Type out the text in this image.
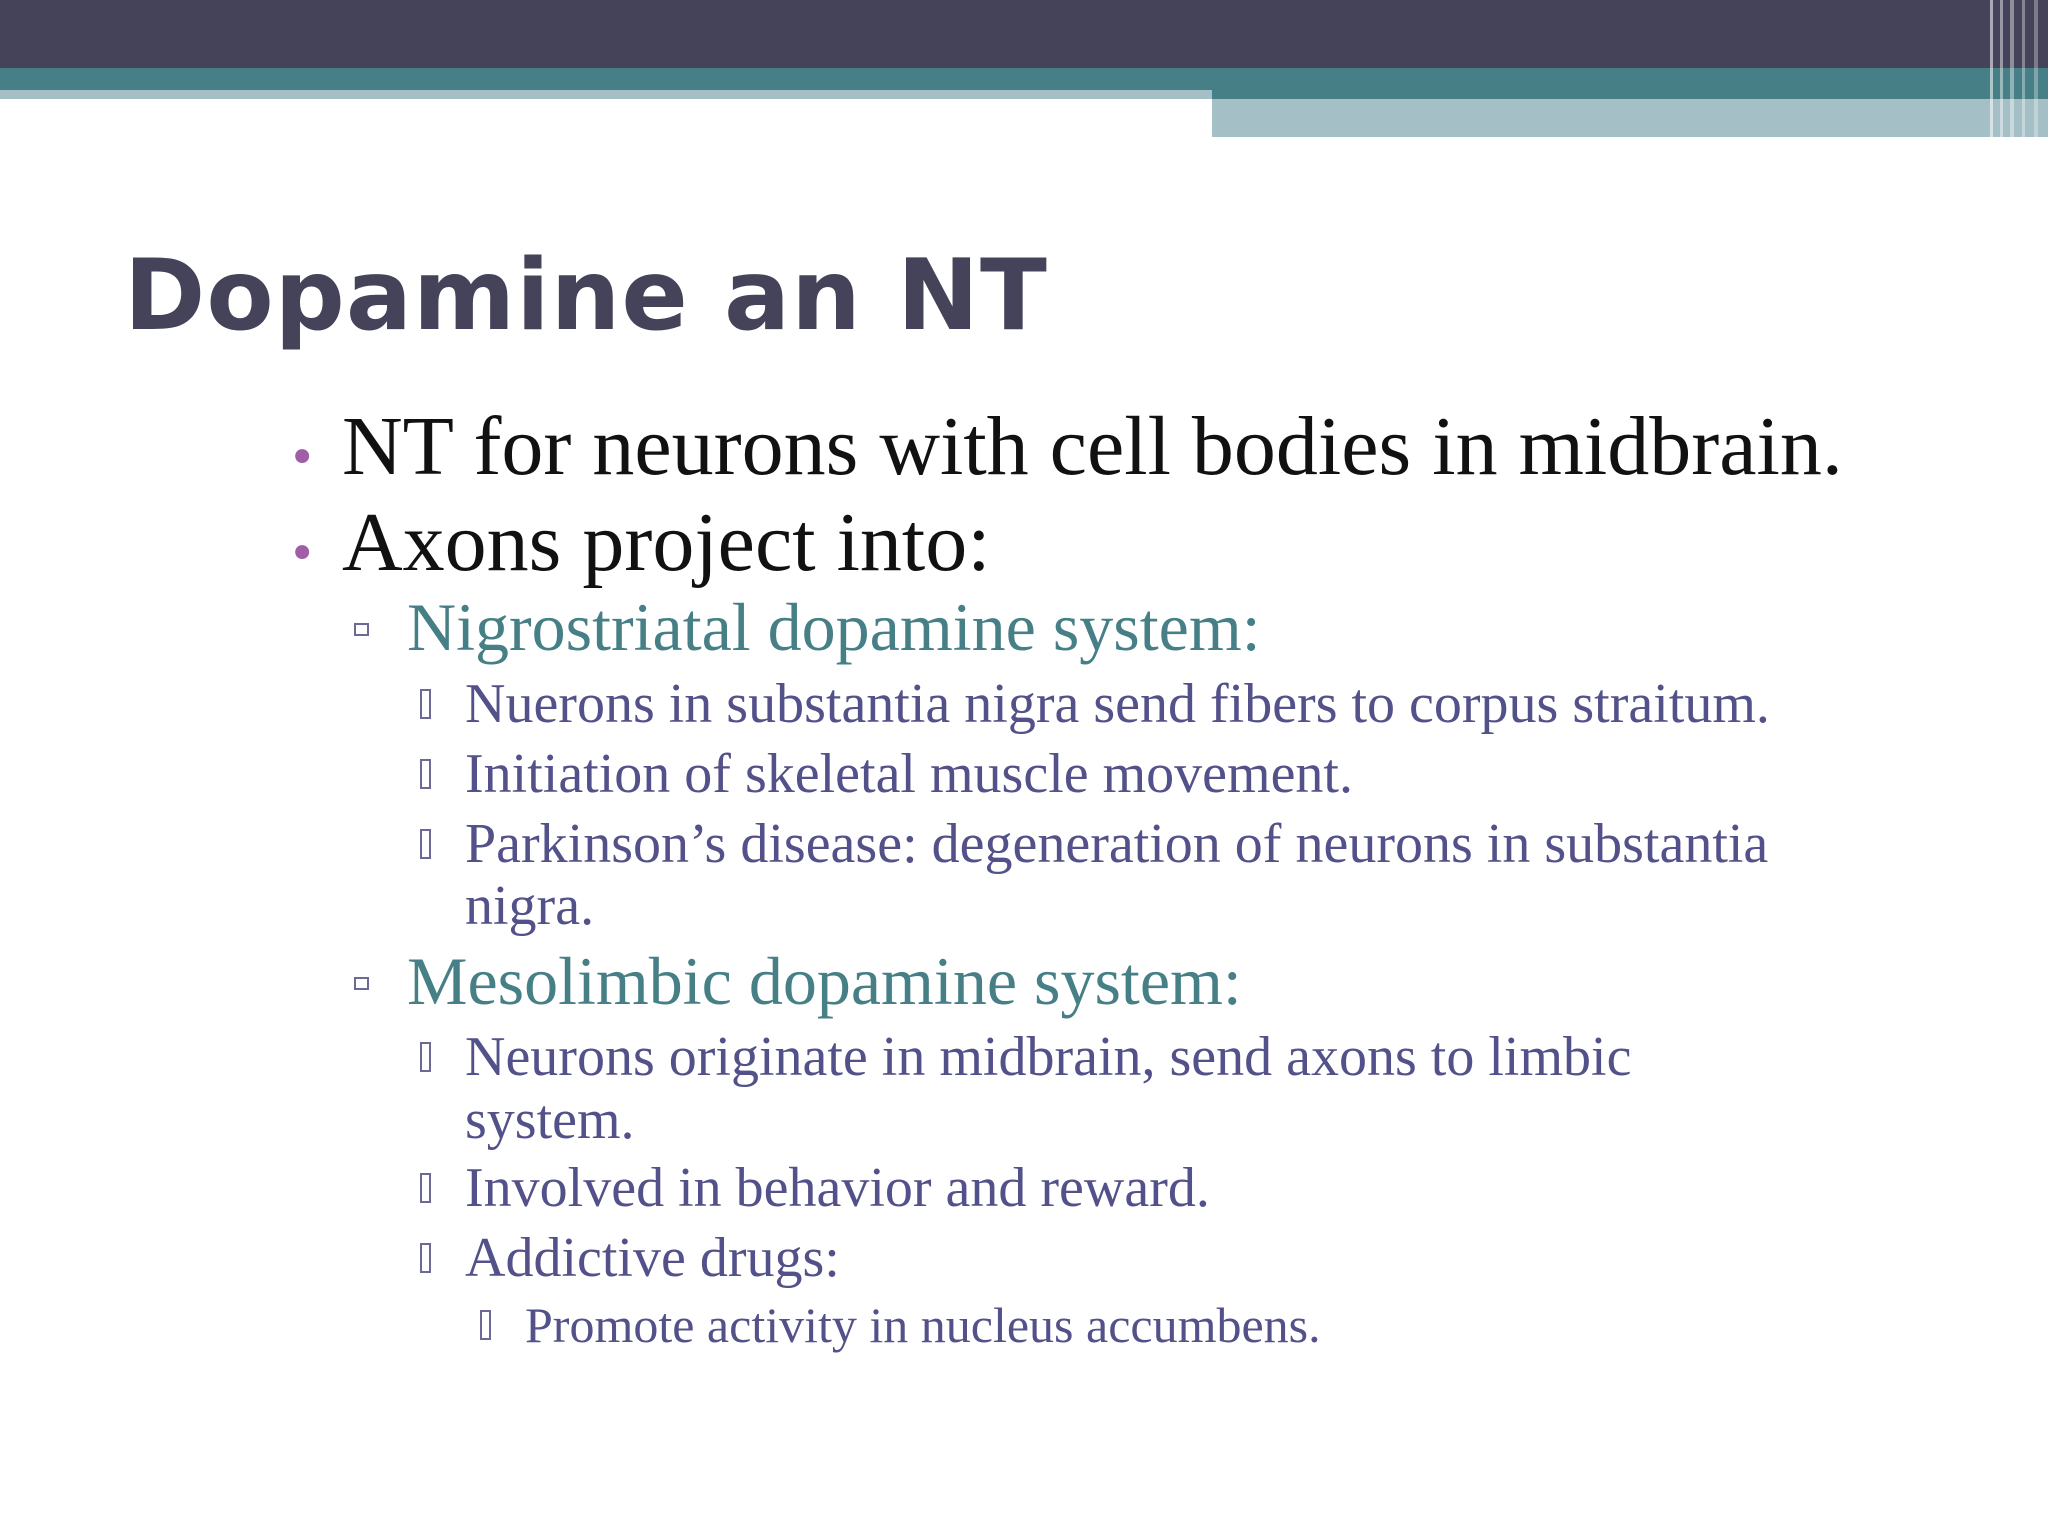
Dopamine an NT
• NT for neurons with cell bodies in midbrain.
• Axons project into:
Nigrostriatal dopamine system:
Nuerons in substantia nigra send fibers to corpus straitum.
Initiation of skeletal muscle movement.
Parkinson’s disease: degeneration of neurons in substantia
nigra.
Mesolimbic dopamine system:
Neurons originate in midbrain, send axons to limbic
system.
Involved in behavior and reward.
Addictive drugs:
Promote activity in nucleus accumbens.
